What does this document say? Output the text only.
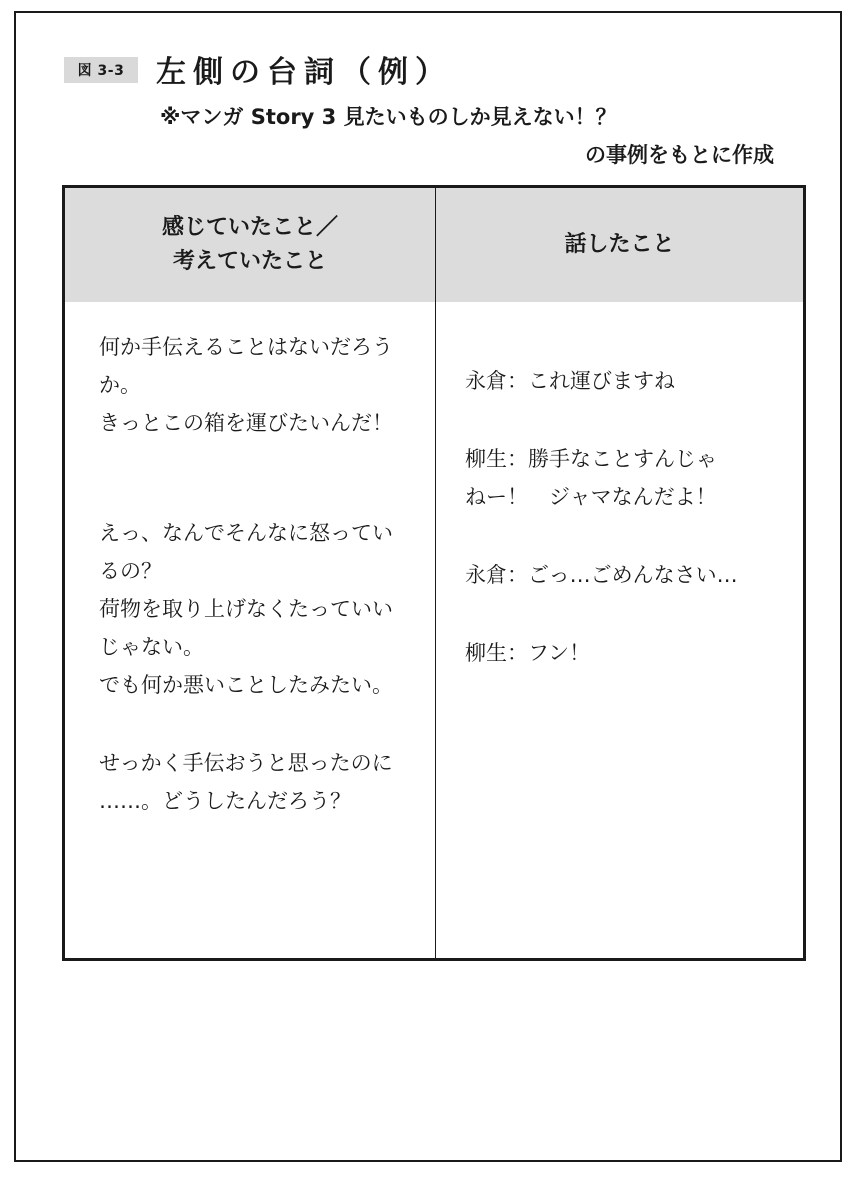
図 3-3	左側の台詞（例）
※マンガ Story 3 見たいものしか見えない！？
の事例をもとに作成
感じていたこと／
考えていたこと
話したこと
何か手伝えることはないだろう
か。
きっとこの箱を運びたいんだ！
えっ、なんでそんなに怒ってい
るの？
荷物を取り上げなくたっていい
じゃない。
でも何か悪いことしたみたい。
せっかく手伝おうと思ったのに
……。どうしたんだろう？
永倉：これ運びますね
柳生：勝手なことすんじゃ
ねー！　ジャマなんだよ！
永倉：ごっ…ごめんなさい…
柳生：フン！
